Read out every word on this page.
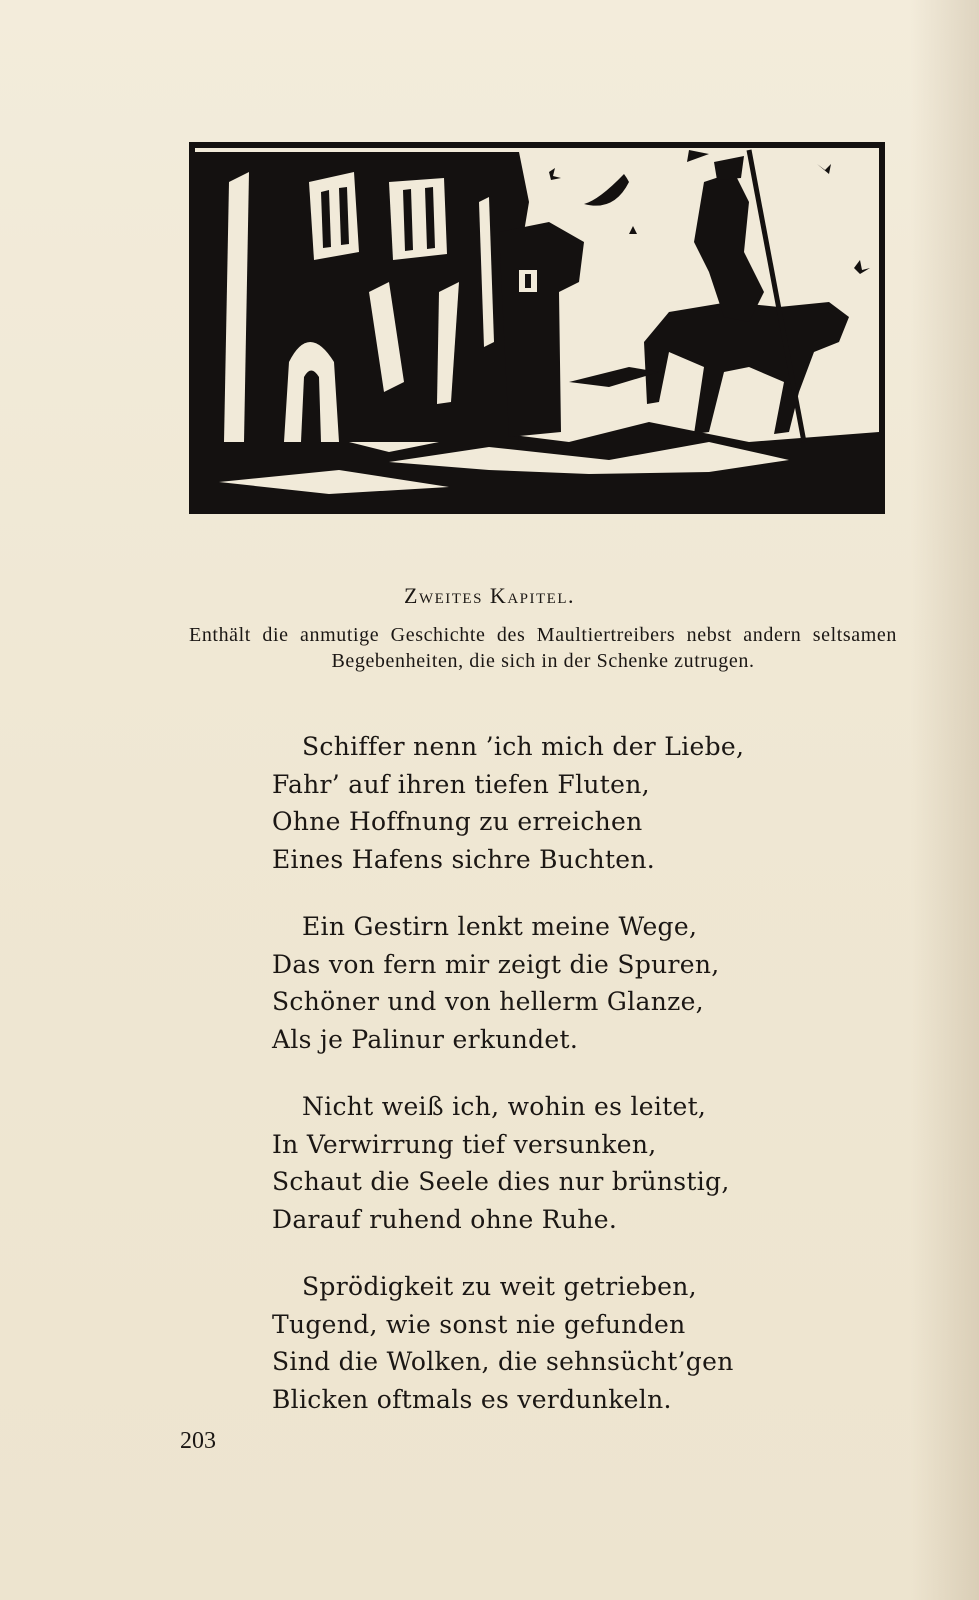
Zweites Kapitel.
Enthält die anmutige Geschichte des Maultiertreibers nebst andern seltsamen Begebenheiten, die sich in der Schenke zutrugen.
Schiffer nenn ’ich mich der Liebe,
Fahr’ auf ihren tiefen Fluten,
Ohne Hoffnung zu erreichen
Eines Hafens sichre Buchten.
Ein Gestirn lenkt meine Wege,
Das von fern mir zeigt die Spuren,
Schöner und von hellerm Glanze,
Als je Palinur erkundet.
Nicht weiß ich, wohin es leitet,
In Verwirrung tief versunken,
Schaut die Seele dies nur brünstig,
Darauf ruhend ohne Ruhe.
Sprödigkeit zu weit getrieben,
Tugend, wie sonst nie gefunden
Sind die Wolken, die sehnsücht’gen
Blicken oftmals es verdunkeln.
203
